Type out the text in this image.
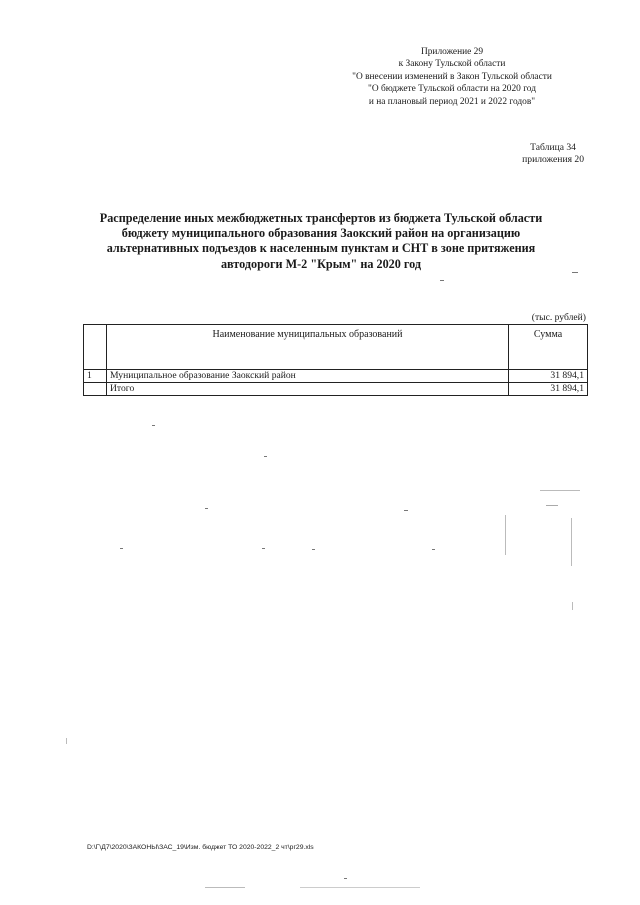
Приложение 29
к Закону Тульской области
"О внесении изменений в Закон Тульской области
"О бюджете Тульской области на 2020 год
и на плановый период 2021 и 2022 годов"
Таблица 34
приложения 20
Распределение иных межбюджетных трансфертов из бюджета Тульской области
бюджету муниципального образования Заокский район на организацию
альтернативных подъездов к населенным пунктам и СНТ в зоне притяжения
автодороги М-2 "Крым" на 2020 год
(тыс. рублей)
	Наименование муниципальных образований	Сумма
1	Муниципальное образование Заокский район	31 894,1
	Итого	31 894,1
D:\Г\Д7\2020\ЗАКОНЫ\ЗАС_19\Изм. бюджет ТО 2020-2022_2 чт\рг29.xls
